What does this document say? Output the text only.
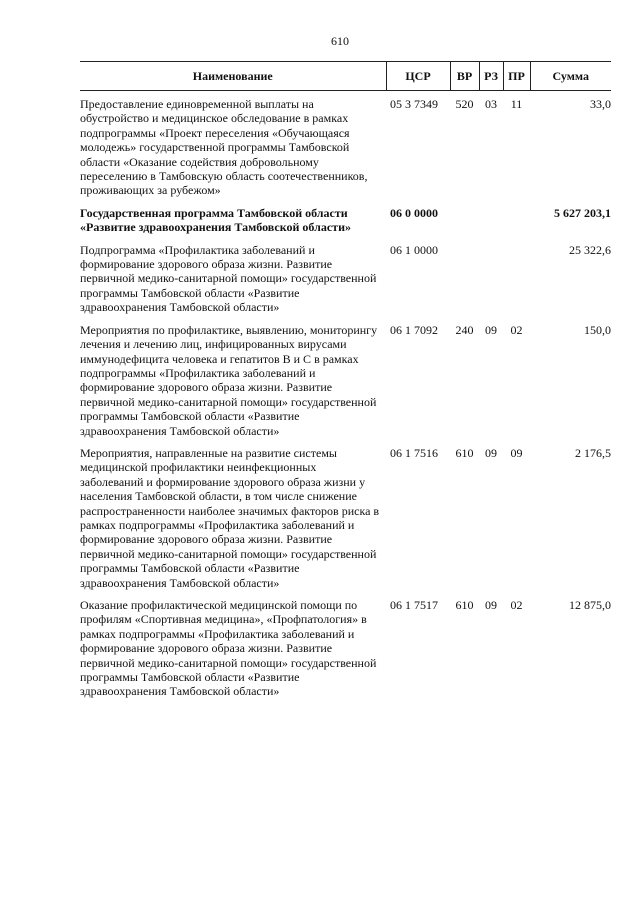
610
Наименование	ЦСР	ВР	РЗ	ПР	Сумма
Предоставление единовременной выплаты на обустройство и медицинское обследование в рамках подпрограммы «Проект переселения «Обучающаяся молодежь» государственной программы Тамбовской области «Оказание содействия добровольному переселению в Тамбовскую область соотечественников, проживающих за рубежом»	05 3 7349	520	03	11	33,0
Государственная программа Тамбовской области «Развитие здравоохранения Тамбовской области»	06 0 0000				5 627 203,1
Подпрограмма «Профилактика заболеваний и формирование здорового образа жизни. Развитие первичной медико-санитарной помощи» государственной программы Тамбовской области «Развитие здравоохранения Тамбовской области»	06 1 0000				25 322,6
Мероприятия по профилактике, выявлению, мониторингу лечения и лечению лиц, инфицированных вирусами иммунодефицита человека и гепатитов В и С в рамках подпрограммы «Профилактика заболеваний и формирование здорового образа жизни. Развитие первичной медико-санитарной помощи» государственной программы Тамбовской области «Развитие здравоохранения Тамбовской области»	06 1 7092	240	09	02	150,0
Мероприятия, направленные на развитие системы медицинской профилактики неинфекционных заболеваний и формирование здорового образа жизни у населения Тамбовской области, в том числе снижение распространенности наиболее значимых факторов риска в рамках подпрограммы «Профилактика заболеваний и формирование здорового образа жизни. Развитие первичной медико-санитарной помощи» государственной программы Тамбовской области «Развитие здравоохранения Тамбовской области»	06 1 7516	610	09	09	2 176,5
Оказание профилактической медицинской помощи по профилям «Спортивная медицина», «Профпатология» в рамках подпрограммы «Профилактика заболеваний и формирование здорового образа жизни. Развитие первичной медико-санитарной помощи» государственной программы Тамбовской области «Развитие здравоохранения Тамбовской области»	06 1 7517	610	09	02	12 875,0
